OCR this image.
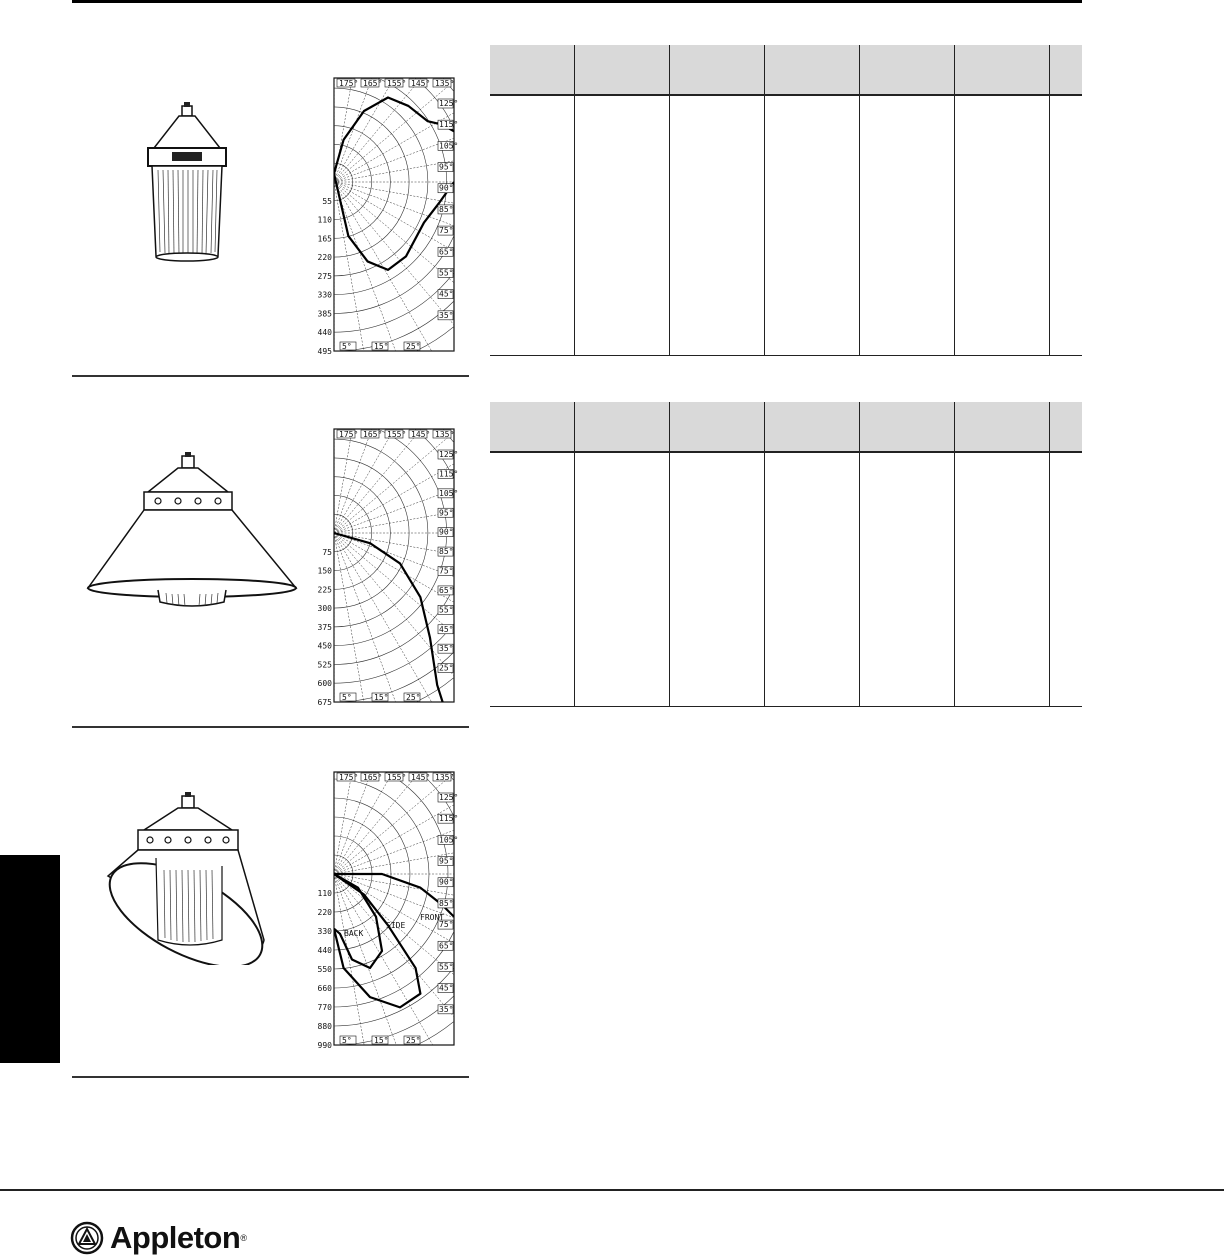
55
110
165
220
275
330
385
440
495
175° 165° 155° 145° 135°
125°
115°
105°
95°
90°
85°
75°
65°
55°
45°
35°
5°	15° 25°
75
150
225
300
375
450
525
600
675
175° 165° 155° 145° 135°
125°
115°
105°
95°
90°
85°
75°
65°
55°
45°
35°
25°
5°	15° 25°
110
220
330
440
550
660
770
880
990
175° 165° 155° 145° 135°
125°
115°
105°
95°
90°
85°
75°
65°
55°
45°
35°
5°	15° 25°
BACK
SIDE
FRONT
Appleton ®
